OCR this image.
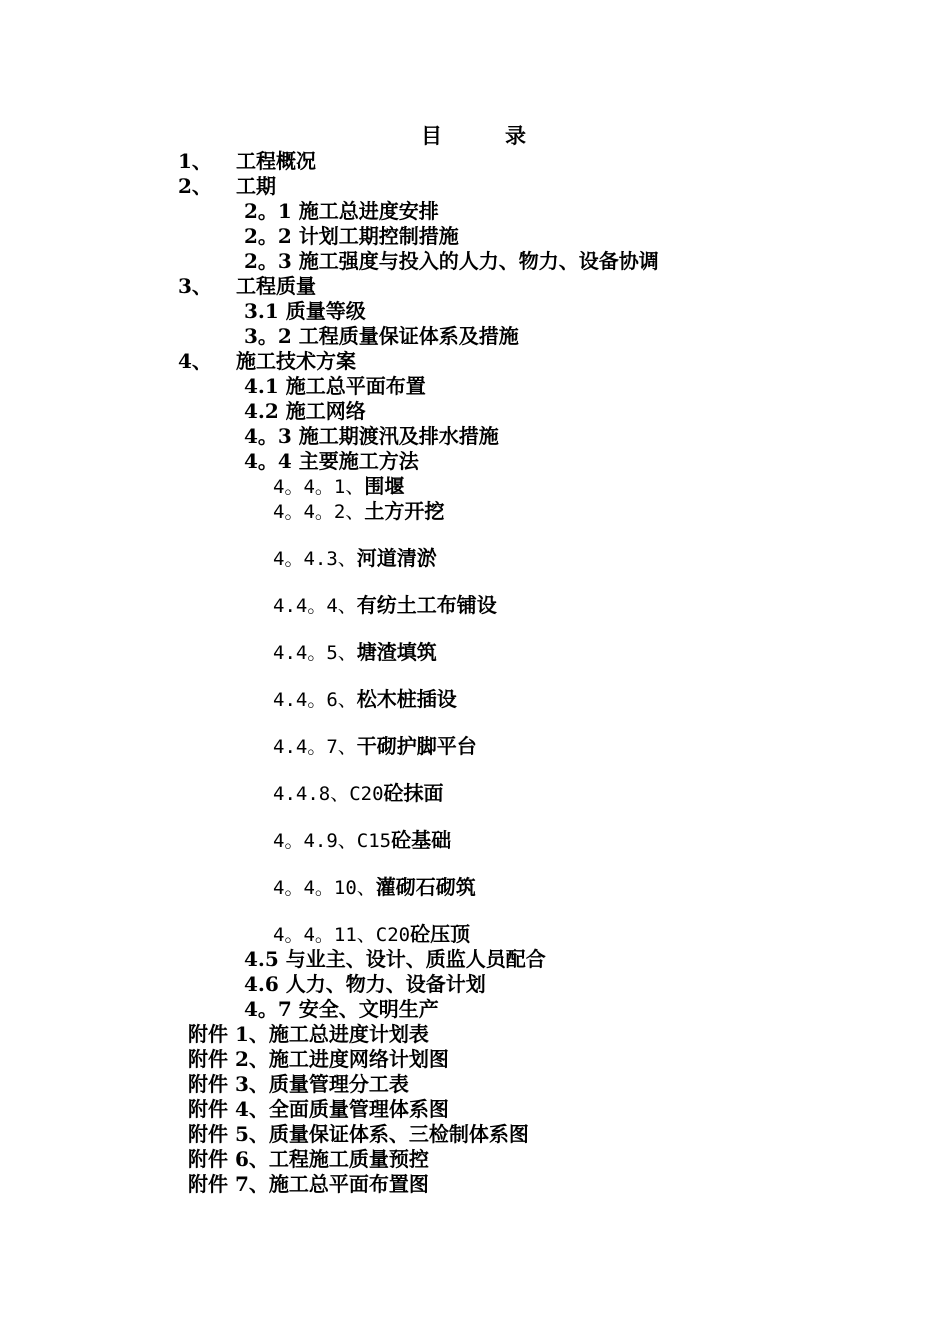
目　　　录
1、 工程概况
2、 工期
2。1 施工总进度安排
2。2 计划工期控制措施
2。3 施工强度与投入的人力、物力、设备协调
3、 工程质量
3.1 质量等级
3。2 工程质量保证体系及措施
4、 施工技术方案
4.1 施工总平面布置
4.2 施工网络
4。3 施工期渡汛及排水措施
4。4 主要施工方法
4。4。1、围堰
4。4。2、土方开挖
4。4.3、河道清淤
4.4。4、有纺土工布铺设
4.4。5、塘渣填筑
4.4。6、松木桩插设
4.4。7、干砌护脚平台
4.4.8、C20砼抹面
4。4.9、C15砼基础
4。4。10、灌砌石砌筑
4。4。11、C20砼压顶
4.5 与业主、设计、质监人员配合
4.6 人力、物力、设备计划
4。7 安全、文明生产
附件 1、施工总进度计划表
附件 2、施工进度网络计划图
附件 3、质量管理分工表
附件 4、全面质量管理体系图
附件 5、质量保证体系、三检制体系图
附件 6、工程施工质量预控
附件 7、施工总平面布置图
